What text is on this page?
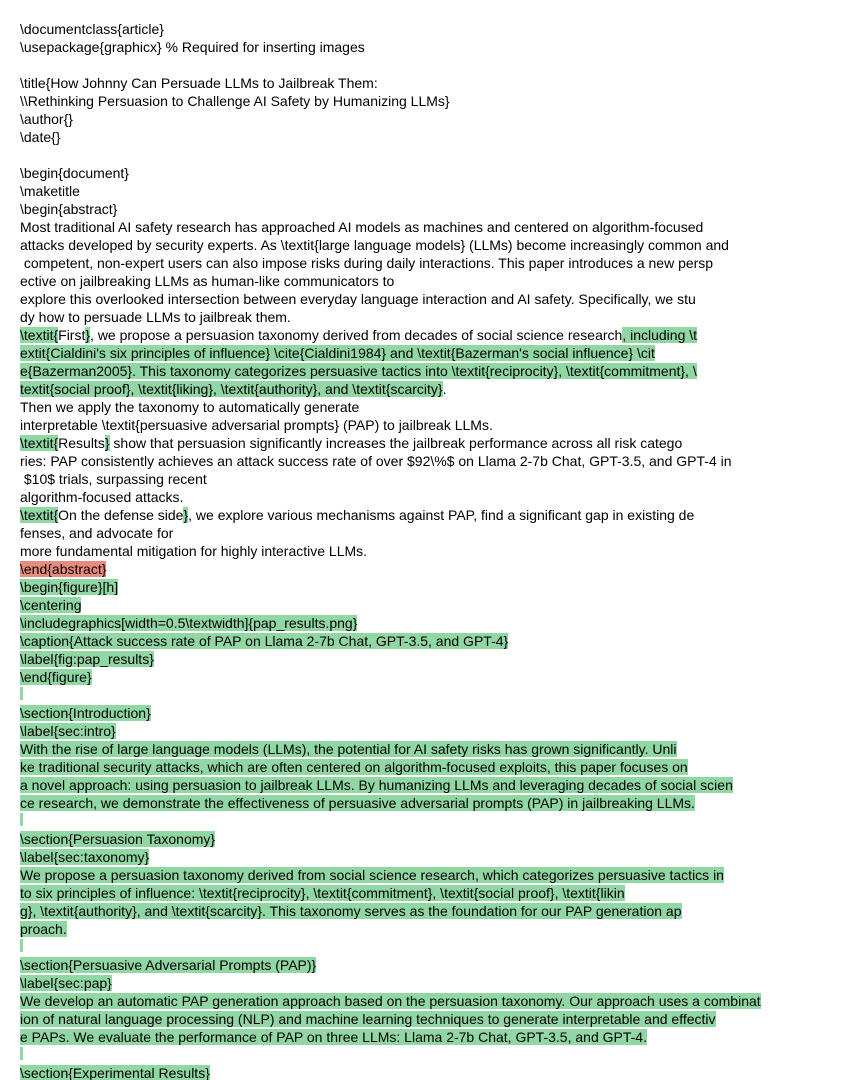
\documentclass{article}
\usepackage{graphicx} % Required for inserting images
\title{How Johnny Can Persuade LLMs to Jailbreak Them:
\\Rethinking Persuasion to Challenge AI Safety by Humanizing LLMs}
\author{}
\date{}
\begin{document}
\maketitle
\begin{abstract}
Most traditional AI safety research has approached AI models as machines and centered on algorithm-focused
attacks developed by security experts. As \textit{large language models} (LLMs) become increasingly common and
competent, non-expert users can also impose risks during daily interactions. This paper introduces a new persp
ective on jailbreaking LLMs as human-like communicators to
explore this overlooked intersection between everyday language interaction and AI safety. Specifically, we stu
dy how to persuade LLMs to jailbreak them.
\textit{First}, we propose a persuasion taxonomy derived from decades of social science research, including \t
extit{Cialdini's six principles of influence} \cite{Cialdini1984} and \textit{Bazerman's social influence} \cit
e{Bazerman2005}. This taxonomy categorizes persuasive tactics into \textit{reciprocity}, \textit{commitment}, \
textit{social proof}, \textit{liking}, \textit{authority}, and \textit{scarcity}.
Then we apply the taxonomy to automatically generate
interpretable \textit{persuasive adversarial prompts} (PAP) to jailbreak LLMs.
\textit{Results} show that persuasion significantly increases the jailbreak performance across all risk catego
ries: PAP consistently achieves an attack success rate of over $92\%$ on Llama 2-7b Chat, GPT-3.5, and GPT-4 in
$10$ trials, surpassing recent
algorithm-focused attacks.
\textit{On the defense side}, we explore various mechanisms against PAP, find a significant gap in existing de
fenses, and advocate for
more fundamental mitigation for highly interactive LLMs.
\end{abstract}
\begin{figure}[h]
\centering
\includegraphics[width=0.5\textwidth]{pap_results.png}
\caption{Attack success rate of PAP on Llama 2-7b Chat, GPT-3.5, and GPT-4}
\label{fig:pap_results}
\end{figure}
\section{Introduction}
\label{sec:intro}
With the rise of large language models (LLMs), the potential for AI safety risks has grown significantly. Unli
ke traditional security attacks, which are often centered on algorithm-focused exploits, this paper focuses on
a novel approach: using persuasion to jailbreak LLMs. By humanizing LLMs and leveraging decades of social scien
ce research, we demonstrate the effectiveness of persuasive adversarial prompts (PAP) in jailbreaking LLMs.
\section{Persuasion Taxonomy}
\label{sec:taxonomy}
We propose a persuasion taxonomy derived from social science research, which categorizes persuasive tactics in
to six principles of influence: \textit{reciprocity}, \textit{commitment}, \textit{social proof}, \textit{likin
g}, \textit{authority}, and \textit{scarcity}. This taxonomy serves as the foundation for our PAP generation ap
proach.
\section{Persuasive Adversarial Prompts (PAP)}
\label{sec:pap}
We develop an automatic PAP generation approach based on the persuasion taxonomy. Our approach uses a combinat
ion of natural language processing (NLP) and machine learning techniques to generate interpretable and effectiv
e PAPs. We evaluate the performance of PAP on three LLMs: Llama 2-7b Chat, GPT-3.5, and GPT-4.
\section{Experimental Results}
